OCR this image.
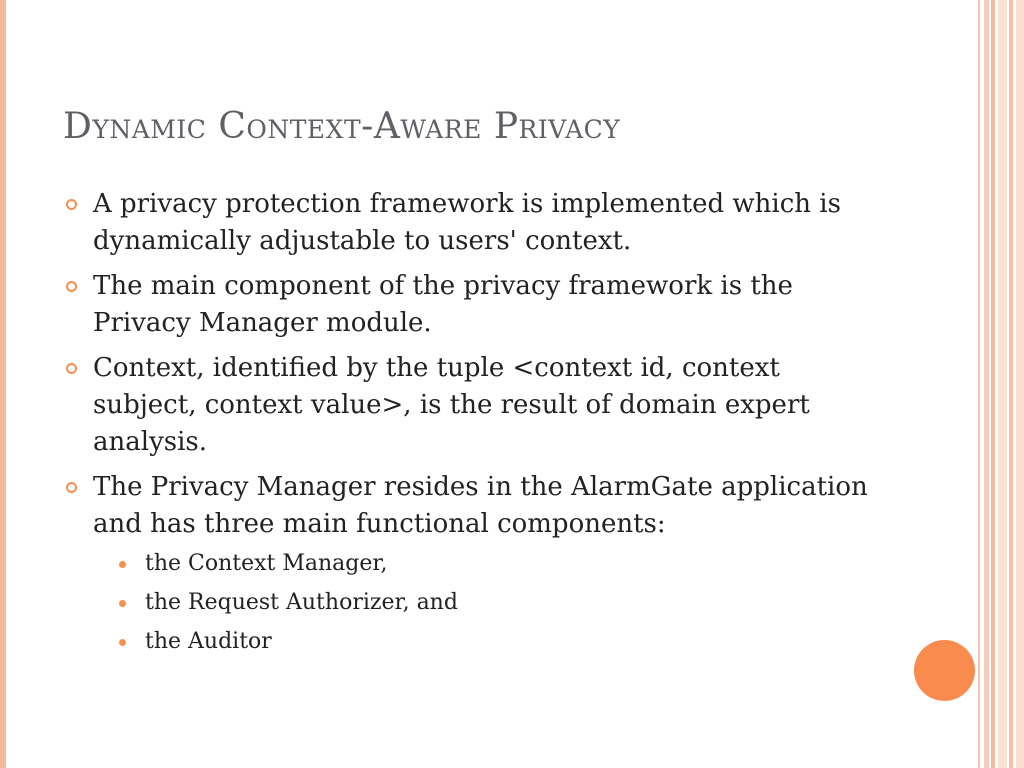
Dynamic Context-Aware Privacy
A privacy protection framework is implemented which is dynamically adjustable to users' context.
The main component of the privacy framework is the Privacy Manager module.
Context, identified by the tuple <context id, context subject, context value>, is the result of domain expert analysis.
The Privacy Manager resides in the AlarmGate application and has three main functional components:
the Context Manager,
the Request Authorizer, and
the Auditor
